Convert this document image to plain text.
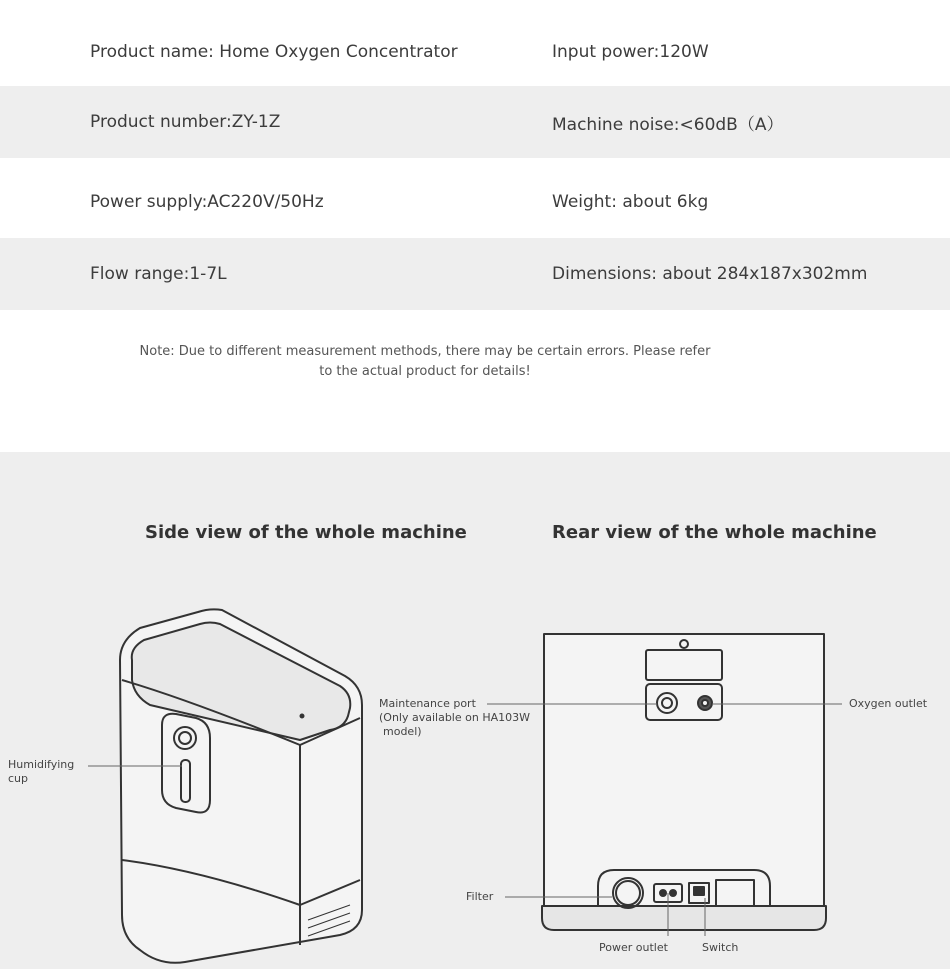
Product name: Home Oxygen Concentrator	Input power:120W
Product number:ZY-1Z	Machine noise:<60dB（A）
Power supply:AC220V/50Hz	Weight: about 6kg
Flow range:1-7L	Dimensions: about 284x187x302mm
Note: Due to different measurement methods, there may be certain errors. Please refer
to the actual product for details!
Side view of the whole machine	Rear view of the whole machine
Humidifying
cup
Maintenance port
(Only available on HA103W
model)
Oxygen outlet
Filter
Power outlet	Switch
